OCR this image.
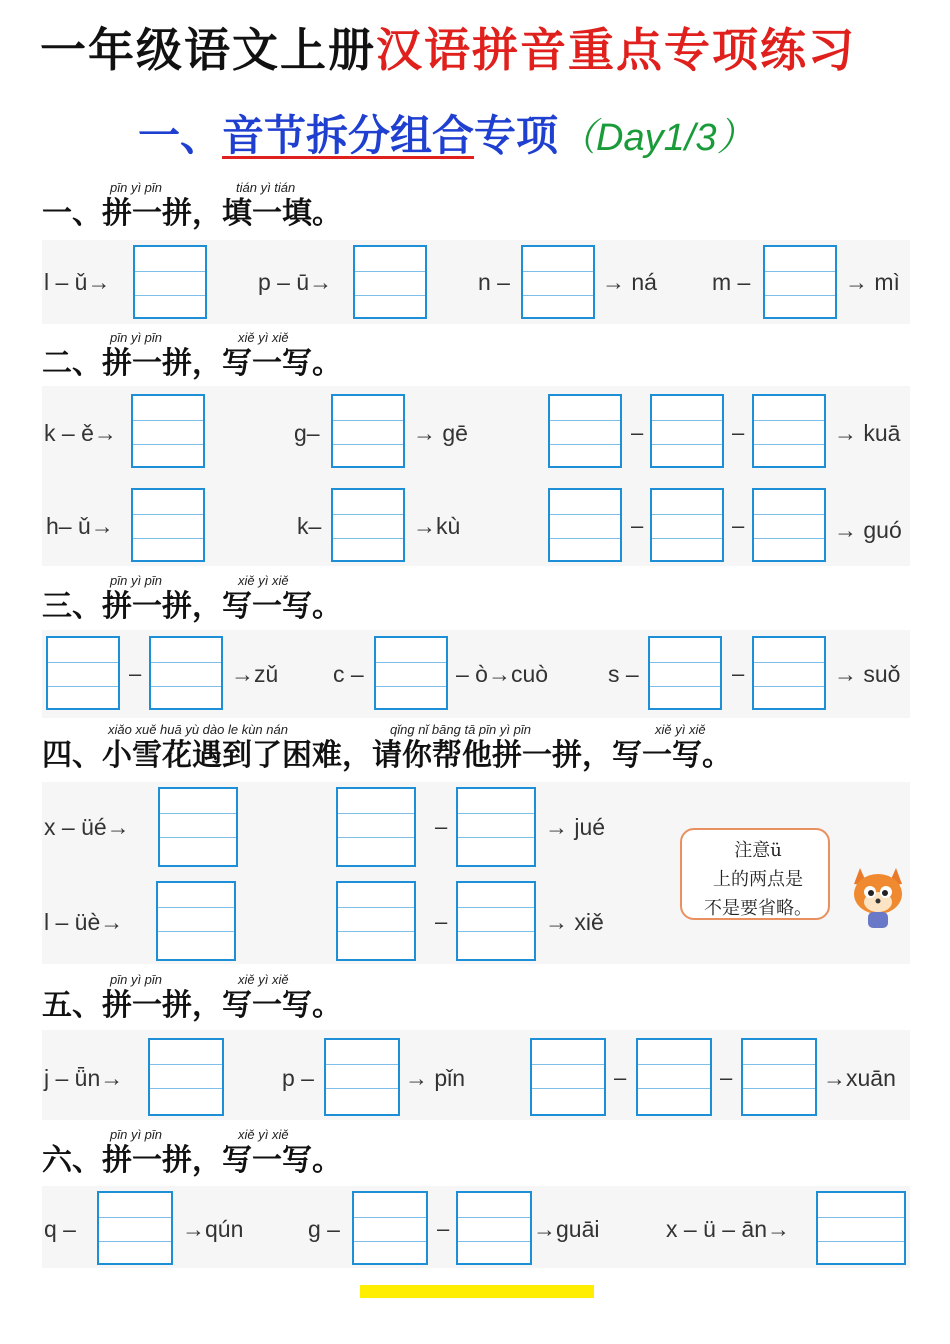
一年级语文上册汉语拼音重点专项练习
一、音节拆分组合专项（Day1/3）
pīn yì pīn	tián yì tián
一、拼一拼，填一填。
l – ǔ→	p – ū→	n –	→ ná m –	→ mì
pīn yì pīn	xiě yì xiě
二、拼一拼，写一写。
k – ě→	g–	→ gē	–	–	→ kuā
h– ǔ→	k–	→kù	–	–	→ guó
pīn yì pīn	xiě yì xiě
三、拼一拼，写一写。
–	→zǔ c –	– ò→cuò	s –	–	→ suǒ
xiǎo xuě huā yù dào le kùn nán	qǐng nǐ bāng tā pīn yì pīn	xiě yì xiě
四、小雪花遇到了困难，请你帮他拼一拼，写一写。
x – üé→	–	→ jué
l – üè→	–	→ xiě
注意ü
上的两点是
不是要省略。
pīn yì pīn	xiě yì xiě
五、拼一拼，写一写。
j – ǖn→	p –	→ pǐn	–	–	→xuān
pīn yì pīn	xiě yì xiě
六、拼一拼，写一写。
q –	→qún	g –	–	→guāi	x – ü – ān→
